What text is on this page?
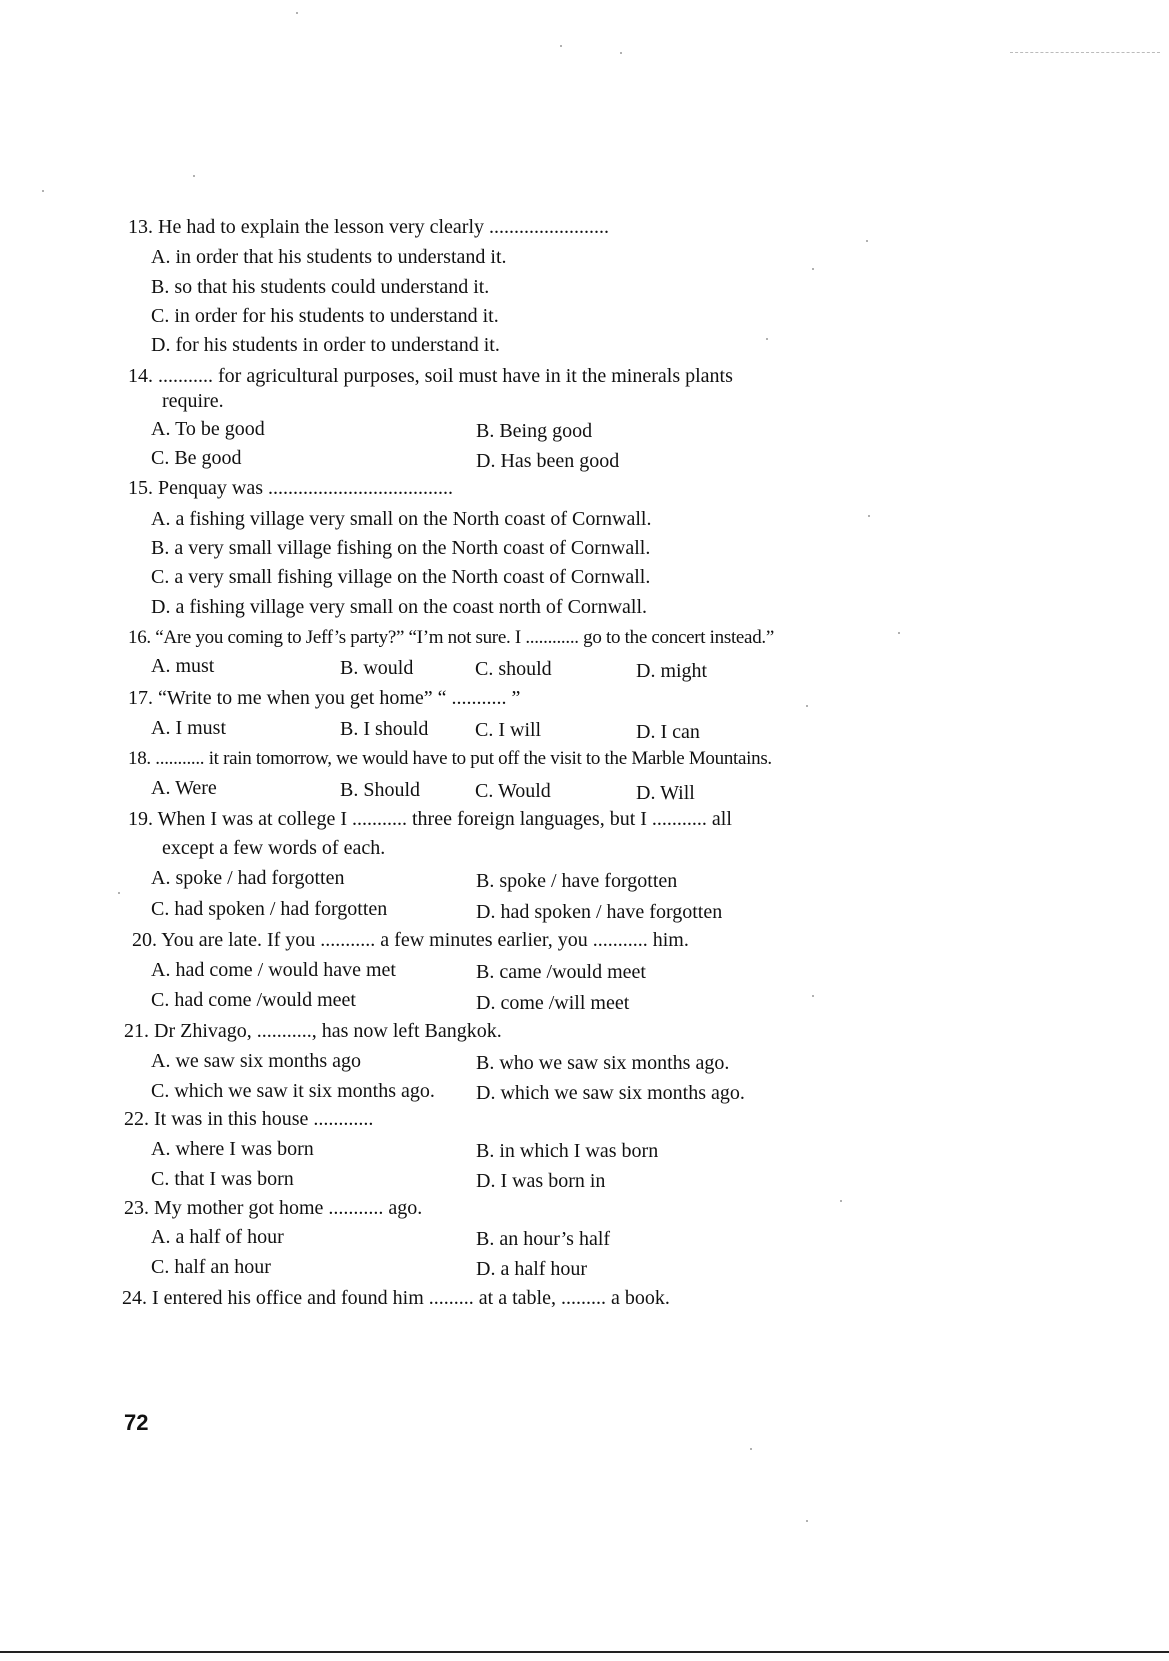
13. He had to explain the lesson very clearly ........................
A. in order that his students to understand it.
B. so that his students could understand it.
C. in order for his students to understand it.
D. for his students in order to understand it.
14. ........... for agricultural purposes, soil must have in it the minerals plants
require.
A. To be good	B. Being good
C. Be good	D. Has been good
15. Penquay was .....................................
A. a fishing village very small on the North coast of Cornwall.
B. a very small village fishing on the North coast of Cornwall.
C. a very small fishing village on the North coast of Cornwall.
D. a fishing village very small on the coast north of Cornwall.
16. “Are you coming to Jeff’s party?” “I’m not sure. I ............ go to the concert instead.”
A. must	B. would	C. should	D. might
17. “Write to me when you get home” “ ........... ”
A. I must	B. I should C. I will	D. I can
18. ........... it rain tomorrow, we would have to put off the visit to the Marble Mountains.
A. Were	B. Should	C. Would	D. Will
19. When I was at college I ........... three foreign languages, but I ........... all
except a few words of each.
A. spoke / had forgotten	B. spoke / have forgotten
C. had spoken / had forgotten	D. had spoken / have forgotten
20. You are late. If you ........... a few minutes earlier, you ........... him.
A. had come / would have met	B. came /would meet
C. had come /would meet	D. come /will meet
21. Dr Zhivago, ..........., has now left Bangkok.
A. we saw six months ago	B. who we saw six months ago.
C. which we saw it six months ago. D. which we saw six months ago.
22. It was in this house ............
A. where I was born	B. in which I was born
C. that I was born	D. I was born in
23. My mother got home ........... ago.
A. a half of hour	B. an hour’s half
C. half an hour	D. a half hour
24. I entered his office and found him ......... at a table, ......... a book.
72
